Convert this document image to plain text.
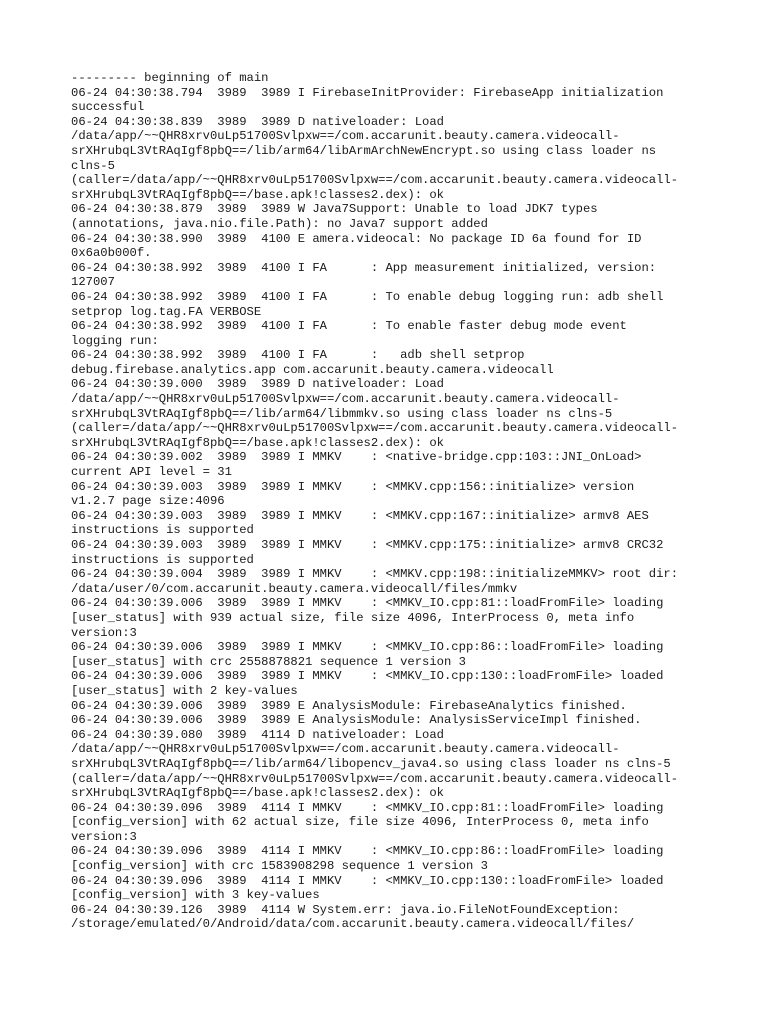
--------- beginning of main
06-24 04:30:38.794  3989  3989 I FirebaseInitProvider: FirebaseApp initialization
successful
06-24 04:30:38.839  3989  3989 D nativeloader: Load
/data/app/~~QHR8xrv0uLp51700Svlpxw==/com.accarunit.beauty.camera.videocall-
srXHrubqL3VtRAqIgf8pbQ==/lib/arm64/libArmArchNewEncrypt.so using class loader ns
clns-5
(caller=/data/app/~~QHR8xrv0uLp51700Svlpxw==/com.accarunit.beauty.camera.videocall-
srXHrubqL3VtRAqIgf8pbQ==/base.apk!classes2.dex): ok
06-24 04:30:38.879  3989  3989 W Java7Support: Unable to load JDK7 types
(annotations, java.nio.file.Path): no Java7 support added
06-24 04:30:38.990  3989  4100 E amera.videocal: No package ID 6a found for ID
0x6a0b000f.
06-24 04:30:38.992  3989  4100 I FA      : App measurement initialized, version:
127007
06-24 04:30:38.992  3989  4100 I FA      : To enable debug logging run: adb shell
setprop log.tag.FA VERBOSE
06-24 04:30:38.992  3989  4100 I FA      : To enable faster debug mode event
logging run:
06-24 04:30:38.992  3989  4100 I FA      :   adb shell setprop
debug.firebase.analytics.app com.accarunit.beauty.camera.videocall
06-24 04:30:39.000  3989  3989 D nativeloader: Load
/data/app/~~QHR8xrv0uLp51700Svlpxw==/com.accarunit.beauty.camera.videocall-
srXHrubqL3VtRAqIgf8pbQ==/lib/arm64/libmmkv.so using class loader ns clns-5
(caller=/data/app/~~QHR8xrv0uLp51700Svlpxw==/com.accarunit.beauty.camera.videocall-
srXHrubqL3VtRAqIgf8pbQ==/base.apk!classes2.dex): ok
06-24 04:30:39.002  3989  3989 I MMKV    : <native-bridge.cpp:103::JNI_OnLoad>
current API level = 31
06-24 04:30:39.003  3989  3989 I MMKV    : <MMKV.cpp:156::initialize> version
v1.2.7 page size:4096
06-24 04:30:39.003  3989  3989 I MMKV    : <MMKV.cpp:167::initialize> armv8 AES
instructions is supported
06-24 04:30:39.003  3989  3989 I MMKV    : <MMKV.cpp:175::initialize> armv8 CRC32
instructions is supported
06-24 04:30:39.004  3989  3989 I MMKV    : <MMKV.cpp:198::initializeMMKV> root dir:
/data/user/0/com.accarunit.beauty.camera.videocall/files/mmkv
06-24 04:30:39.006  3989  3989 I MMKV    : <MMKV_IO.cpp:81::loadFromFile> loading
[user_status] with 939 actual size, file size 4096, InterProcess 0, meta info
version:3
06-24 04:30:39.006  3989  3989 I MMKV    : <MMKV_IO.cpp:86::loadFromFile> loading
[user_status] with crc 2558878821 sequence 1 version 3
06-24 04:30:39.006  3989  3989 I MMKV    : <MMKV_IO.cpp:130::loadFromFile> loaded
[user_status] with 2 key-values
06-24 04:30:39.006  3989  3989 E AnalysisModule: FirebaseAnalytics finished.
06-24 04:30:39.006  3989  3989 E AnalysisModule: AnalysisServiceImpl finished.
06-24 04:30:39.080  3989  4114 D nativeloader: Load
/data/app/~~QHR8xrv0uLp51700Svlpxw==/com.accarunit.beauty.camera.videocall-
srXHrubqL3VtRAqIgf8pbQ==/lib/arm64/libopencv_java4.so using class loader ns clns-5
(caller=/data/app/~~QHR8xrv0uLp51700Svlpxw==/com.accarunit.beauty.camera.videocall-
srXHrubqL3VtRAqIgf8pbQ==/base.apk!classes2.dex): ok
06-24 04:30:39.096  3989  4114 I MMKV    : <MMKV_IO.cpp:81::loadFromFile> loading
[config_version] with 62 actual size, file size 4096, InterProcess 0, meta info
version:3
06-24 04:30:39.096  3989  4114 I MMKV    : <MMKV_IO.cpp:86::loadFromFile> loading
[config_version] with crc 1583908298 sequence 1 version 3
06-24 04:30:39.096  3989  4114 I MMKV    : <MMKV_IO.cpp:130::loadFromFile> loaded
[config_version] with 3 key-values
06-24 04:30:39.126  3989  4114 W System.err: java.io.FileNotFoundException:
/storage/emulated/0/Android/data/com.accarunit.beauty.camera.videocall/files/
